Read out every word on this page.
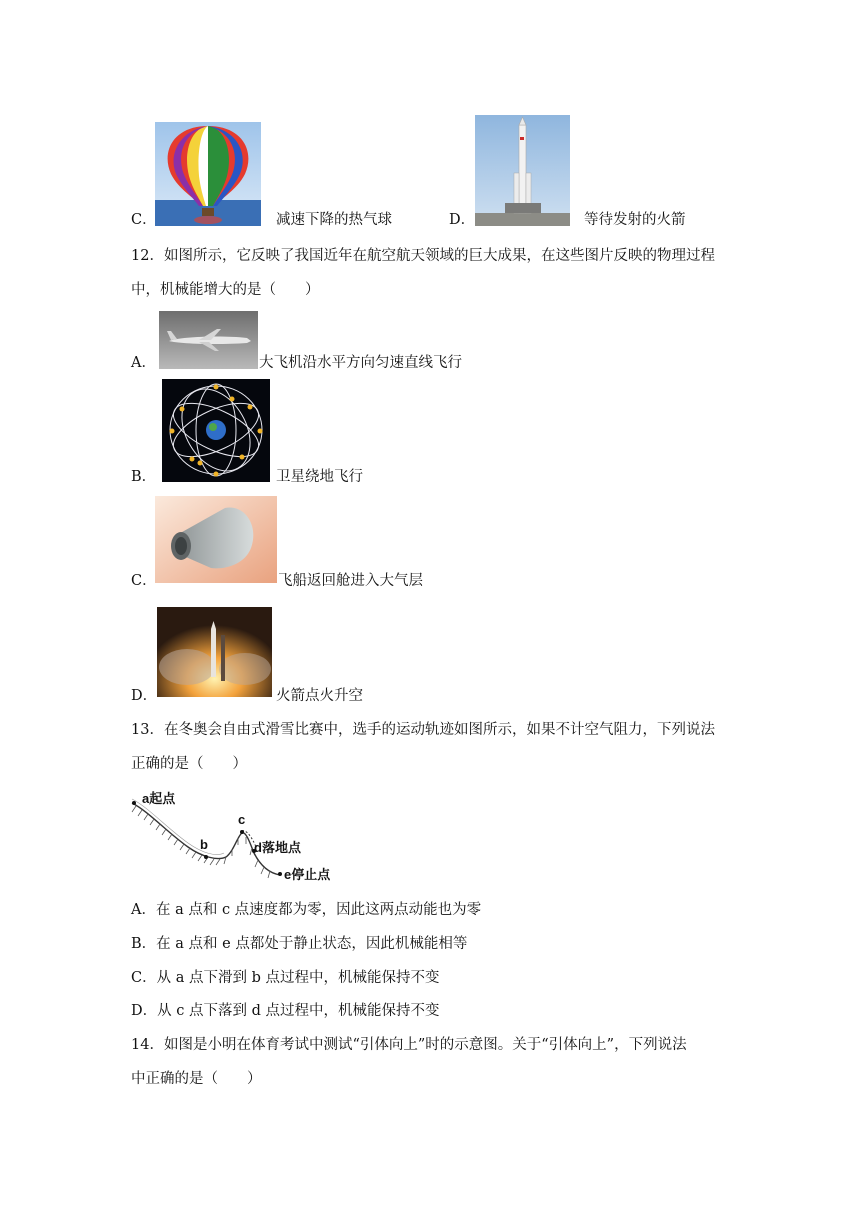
C．	减速下降的热气球	D．	等待发射的火箭
12．如图所示，它反映了我国近年在航空航天领域的巨大成果，在这些图片反映的物理过程
中，机械能增大的是（　　）
A．	大飞机沿水平方向匀速直线飞行
B．	卫星绕地飞行
C．	飞船返回舱进入大气层
D．	火箭点火升空
13．在冬奥会自由式滑雪比赛中，选手的运动轨迹如图所示，如果不计空气阻力，下列说法
正确的是（　　）
a起点
b
c
d落地点
e停止点
A．在 a 点和 c 点速度都为零，因此这两点动能也为零
B．在 a 点和 e 点都处于静止状态，因此机械能相等
C．从 a 点下滑到 b 点过程中，机械能保持不变
D．从 c 点下落到 d 点过程中，机械能保持不变
14．如图是小明在体育考试中测试“引体向上”时的示意图。关于“引体向上”，下列说法
中正确的是（　　）
